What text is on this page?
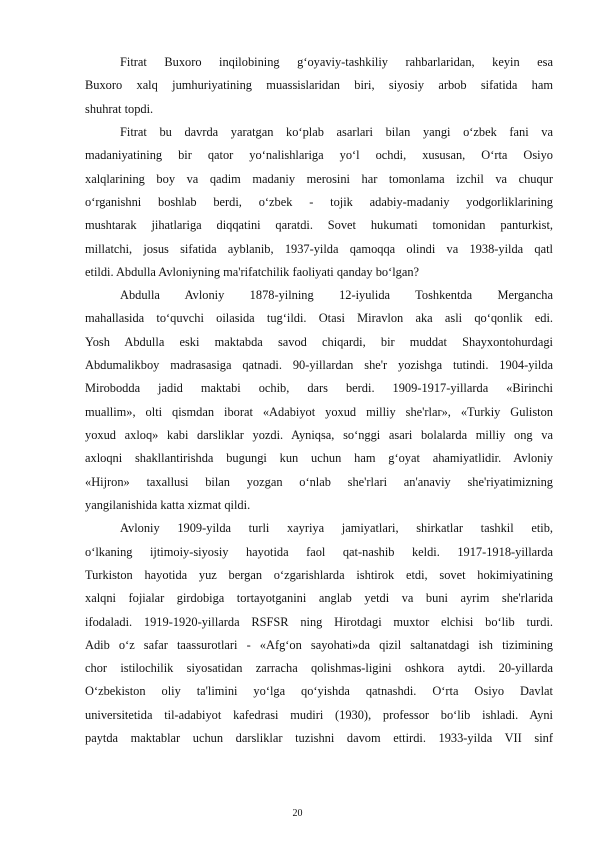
Fitrat Buxoro inqilobining g‘oyaviy-tashkiliy rahbarlaridan, keyin esa
Buxoro xalq jumhuriyatining muassislaridan biri, siyosiy arbob sifatida ham
shuhrat topdi.
Fitrat bu davrda yaratgan ko‘plab asarlari bilan yangi o‘zbek fani va
madaniyatining bir qator yo‘nalishlariga yo‘l ochdi, xususan, O‘rta Osiyo
xalqlarining boy va qadim madaniy merosini har tomonlama izchil va chuqur
o‘rganishni boshlab berdi, o‘zbek - tojik adabiy-madaniy yodgorliklarining
mushtarak jihatlariga diqqatini qaratdi. Sovet hukumati tomonidan panturkist,
millatchi, josus sifatida ayblanib, 1937-yilda qamoqqa olindi va 1938-yilda qatl
etildi. Abdulla Avloniyning ma'rifatchilik faoliyati qanday bo‘lgan?
Abdulla Avloniy 1878-yilning 12-iyulida Toshkentda Mergancha
mahallasida to‘quvchi oilasida tug‘ildi. Otasi Miravlon aka asli qo‘qonlik edi.
Yosh Abdulla eski maktabda savod chiqardi, bir muddat Shayxontohurdagi
Abdumalikboy madrasasiga qatnadi. 90-yillardan she'r yozishga tutindi. 1904-yilda
Mirobodda jadid maktabi ochib, dars berdi. 1909-1917-yillarda «Birinchi
muallim», olti qismdan iborat «Adabiyot yoxud milliy she'rlar», «Turkiy Guliston
yoxud axloq» kabi darsliklar yozdi. Ayniqsa, so‘nggi asari bolalarda milliy ong va
axloqni shakllantirishda bugungi kun uchun ham g‘oyat ahamiyatlidir. Avloniy
«Hijron» taxallusi bilan yozgan o‘nlab she'rlari an'anaviy she'riyatimizning
yangilanishida katta xizmat qildi.
Avloniy 1909-yilda turli xayriya jamiyatlari, shirkatlar tashkil etib,
o‘lkaning ijtimoiy-siyosiy hayotida faol qat-nashib keldi. 1917-1918-yillarda
Turkiston hayotida yuz bergan o‘zgarishlarda ishtirok etdi, sovet hokimiyatining
xalqni fojialar girdobiga tortayotganini anglab yetdi va buni ayrim she'rlarida
ifodaladi. 1919-1920-yillarda RSFSR ning Hirotdagi muxtor elchisi bo‘lib turdi.
Adib o‘z safar taassurotlari - «Afg‘on sayohati»da qizil saltanatdagi ish tizimining
chor istilochilik siyosatidan zarracha qolishmas-ligini oshkora aytdi. 20-yillarda
O‘zbekiston oliy ta'limini yo‘lga qo‘yishda qatnashdi. O‘rta Osiyo Davlat
universitetida til-adabiyot kafedrasi mudiri (1930), professor bo‘lib ishladi. Ayni
paytda maktablar uchun darsliklar tuzishni davom ettirdi. 1933-yilda VII sinf
20
